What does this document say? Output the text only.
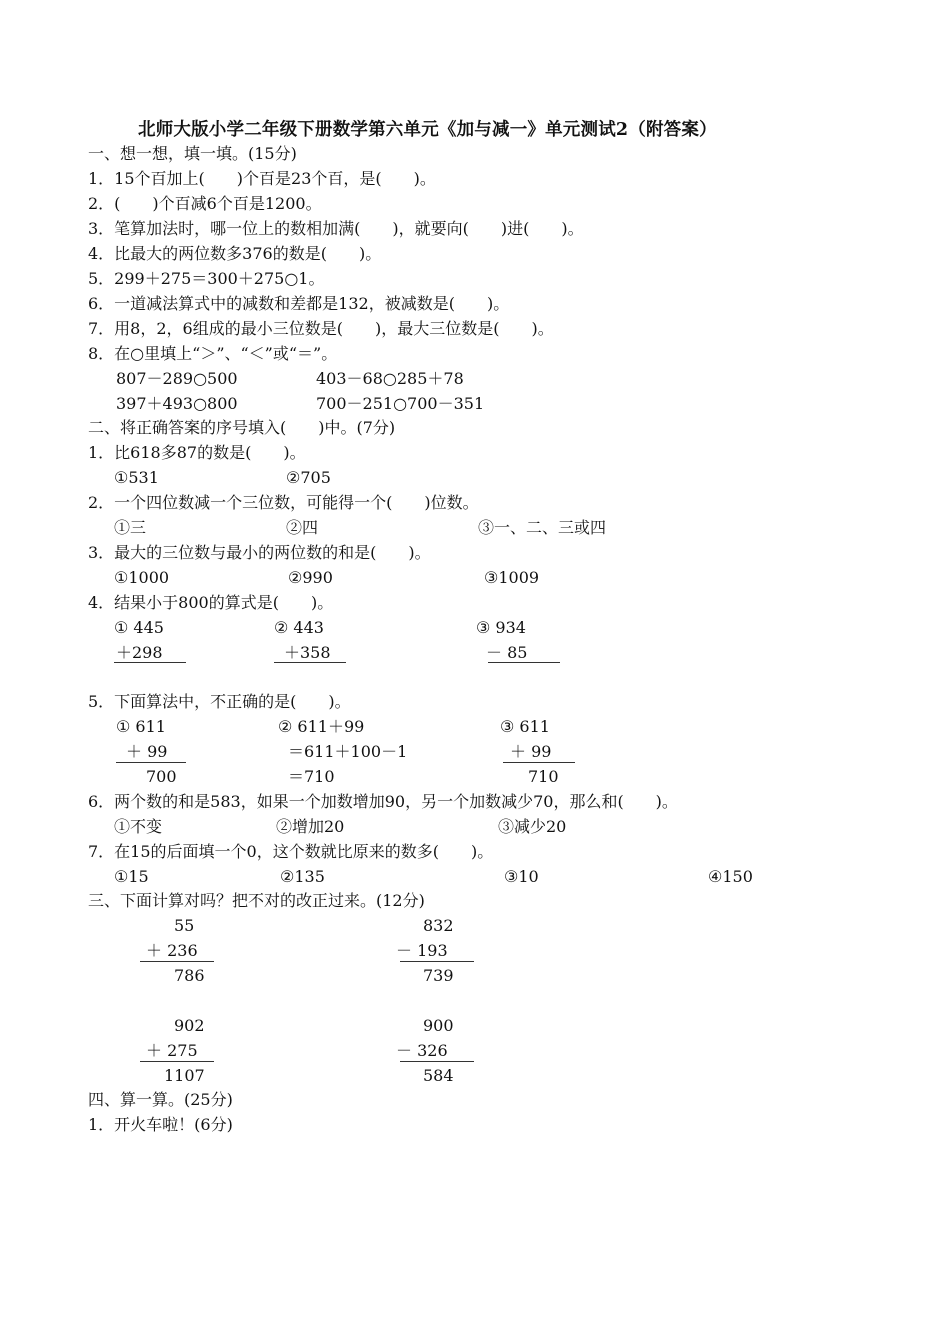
北师大版小学二年级下册数学第六单元《加与减一》单元测试2（附答案）
一、想一想，填一填。(15分)
1．15个百加上(　　)个百是23个百，是(　　)。
2．(　　)个百减6个百是1200。
3．笔算加法时，哪一位上的数相加满(　　)，就要向(　　)进(　　)。
4．比最大的两位数多376的数是(　　)。
5．299＋275＝300＋275○1。
6．一道减法算式中的减数和差都是132，被减数是(　　)。
7．用8，2，6组成的最小三位数是(　　)，最大三位数是(　　)。
8．在○里填上“＞”、“＜”或“＝”。
807－289○500	403－68○285＋78
397＋493○800	700－251○700－351
二、将正确答案的序号填入(　　)中。(7分)
1．比618多87的数是(　　)。
①531	②705
2．一个四位数减一个三位数，可能得一个(　　)位数。
①三	②四	③一、二、三或四
3．最大的三位数与最小的两位数的和是(　　)。
①1000	②990	③1009
4．结果小于800的算式是(　　)。
① 445
＋298
② 443
＋358
③ 934
－ 85
5．下面算法中，不正确的是(　　)。
① 611
＋ 99
700
② 611＋99
＝611＋100－1
＝710
③ 611
＋ 99
710
6．两个数的和是583，如果一个加数增加90，另一个加数减少70，那么和(　　)。
①不变	②增加20	③减少20
7．在15的后面填一个0，这个数就比原来的数多(　　)。
①15	②135	③10	④150
三、下面计算对吗？把不对的改正过来。(12分)
55
＋ 236
786
832
－ 193
739
902
＋ 275
1107
900
－ 326
584
四、算一算。(25分)
1．开火车啦！(6分)
